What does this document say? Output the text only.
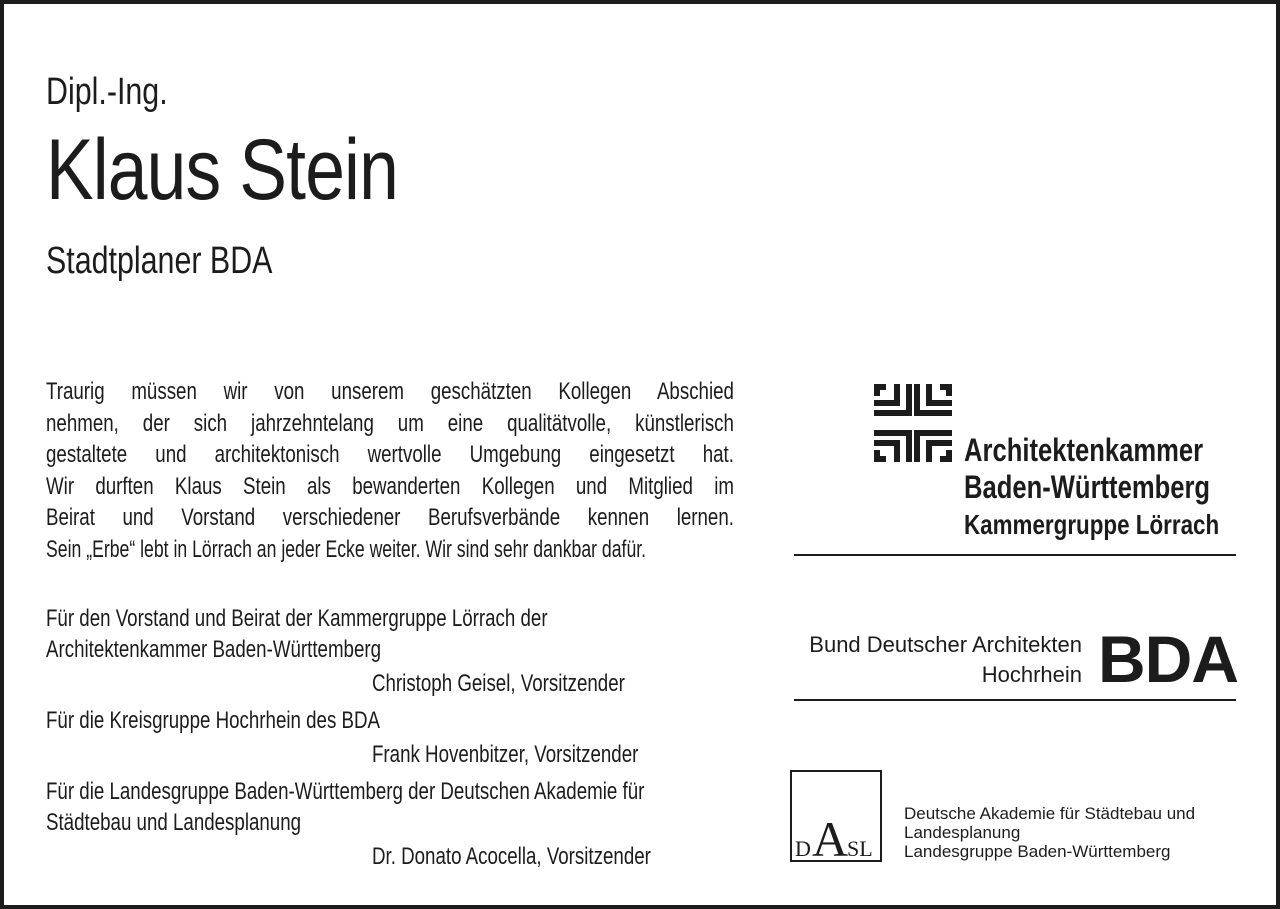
Dipl.-Ing.
Klaus Stein
Stadtplaner BDA
Traurig müssen wir von unserem geschätzten Kollegen Abschied
nehmen, der sich jahrzehntelang um eine qualitätvolle, künstlerisch
gestaltete und architektonisch wertvolle Umgebung eingesetzt hat.
Wir durften Klaus Stein als bewanderten Kollegen und Mitglied im
Beirat und Vorstand verschiedener Berufsverbände kennen lernen.
Sein „Erbe“ lebt in Lörrach an jeder Ecke weiter. Wir sind sehr dankbar dafür.
Für den Vorstand und Beirat der Kammergruppe Lörrach der
Architektenkammer Baden-Württemberg
Christoph Geisel, Vorsitzender
Für die Kreisgruppe Hochrhein des BDA
Frank Hovenbitzer, Vorsitzender
Für die Landesgruppe Baden-Württemberg der Deutschen Akademie für
Städtebau und Landesplanung
Dr. Donato Acocella, Vorsitzender
Architektenkammer
Baden-Württemberg
Kammergruppe Lörrach
Bund Deutscher Architekten
Hochrhein BDA
D A
SL
Deutsche Akademie für Städtebau und
Landesplanung
Landesgruppe Baden-Württemberg
